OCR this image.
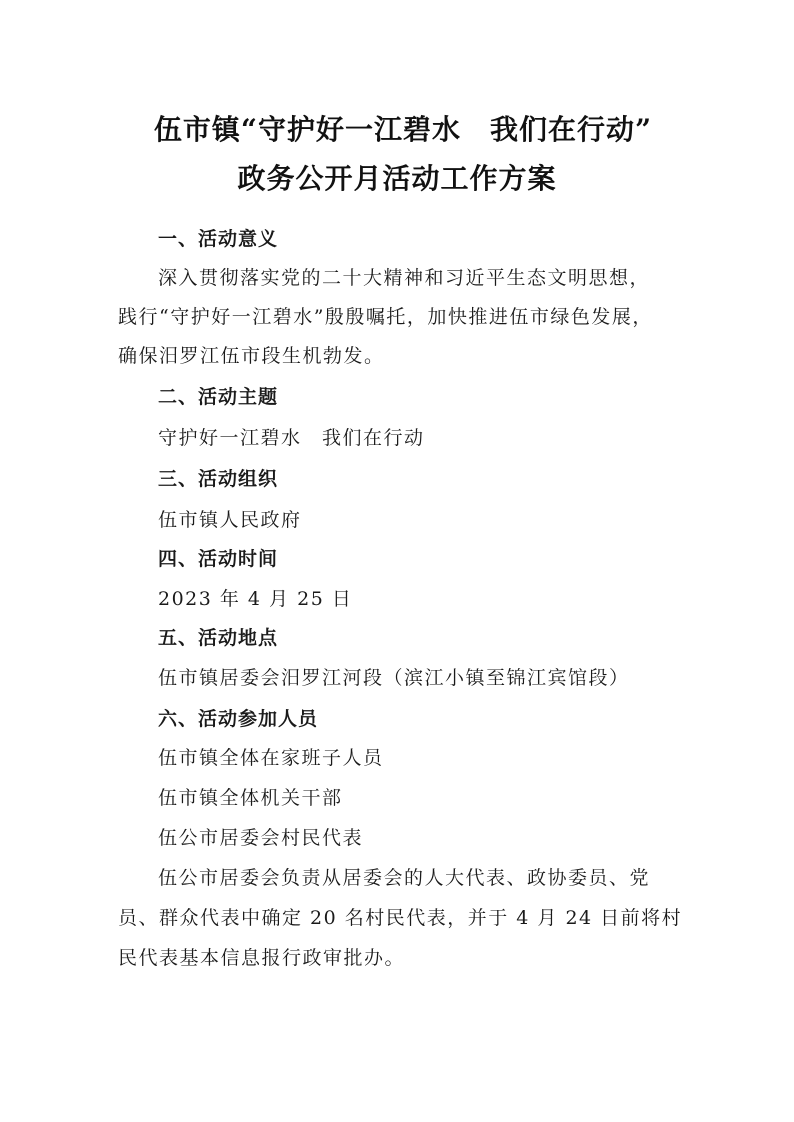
伍市镇“守护好一江碧水　我们在行动”
政务公开月活动工作方案
一、活动意义
深入贯彻落实党的二十大精神和习近平生态文明思想，
践行“守护好一江碧水”殷殷嘱托，加快推进伍市绿色发展，
确保汨罗江伍市段生机勃发。
二、活动主题
守护好一江碧水　我们在行动
三、活动组织
伍市镇人民政府
四、活动时间
2023 年 4 月 25 日
五、活动地点
伍市镇居委会汨罗江河段（滨江小镇至锦江宾馆段）
六、活动参加人员
伍市镇全体在家班子人员
伍市镇全体机关干部
伍公市居委会村民代表
伍公市居委会负责从居委会的人大代表、政协委员、党
员、群众代表中确定 20 名村民代表，并于 4 月 24 日前将村
民代表基本信息报行政审批办。
